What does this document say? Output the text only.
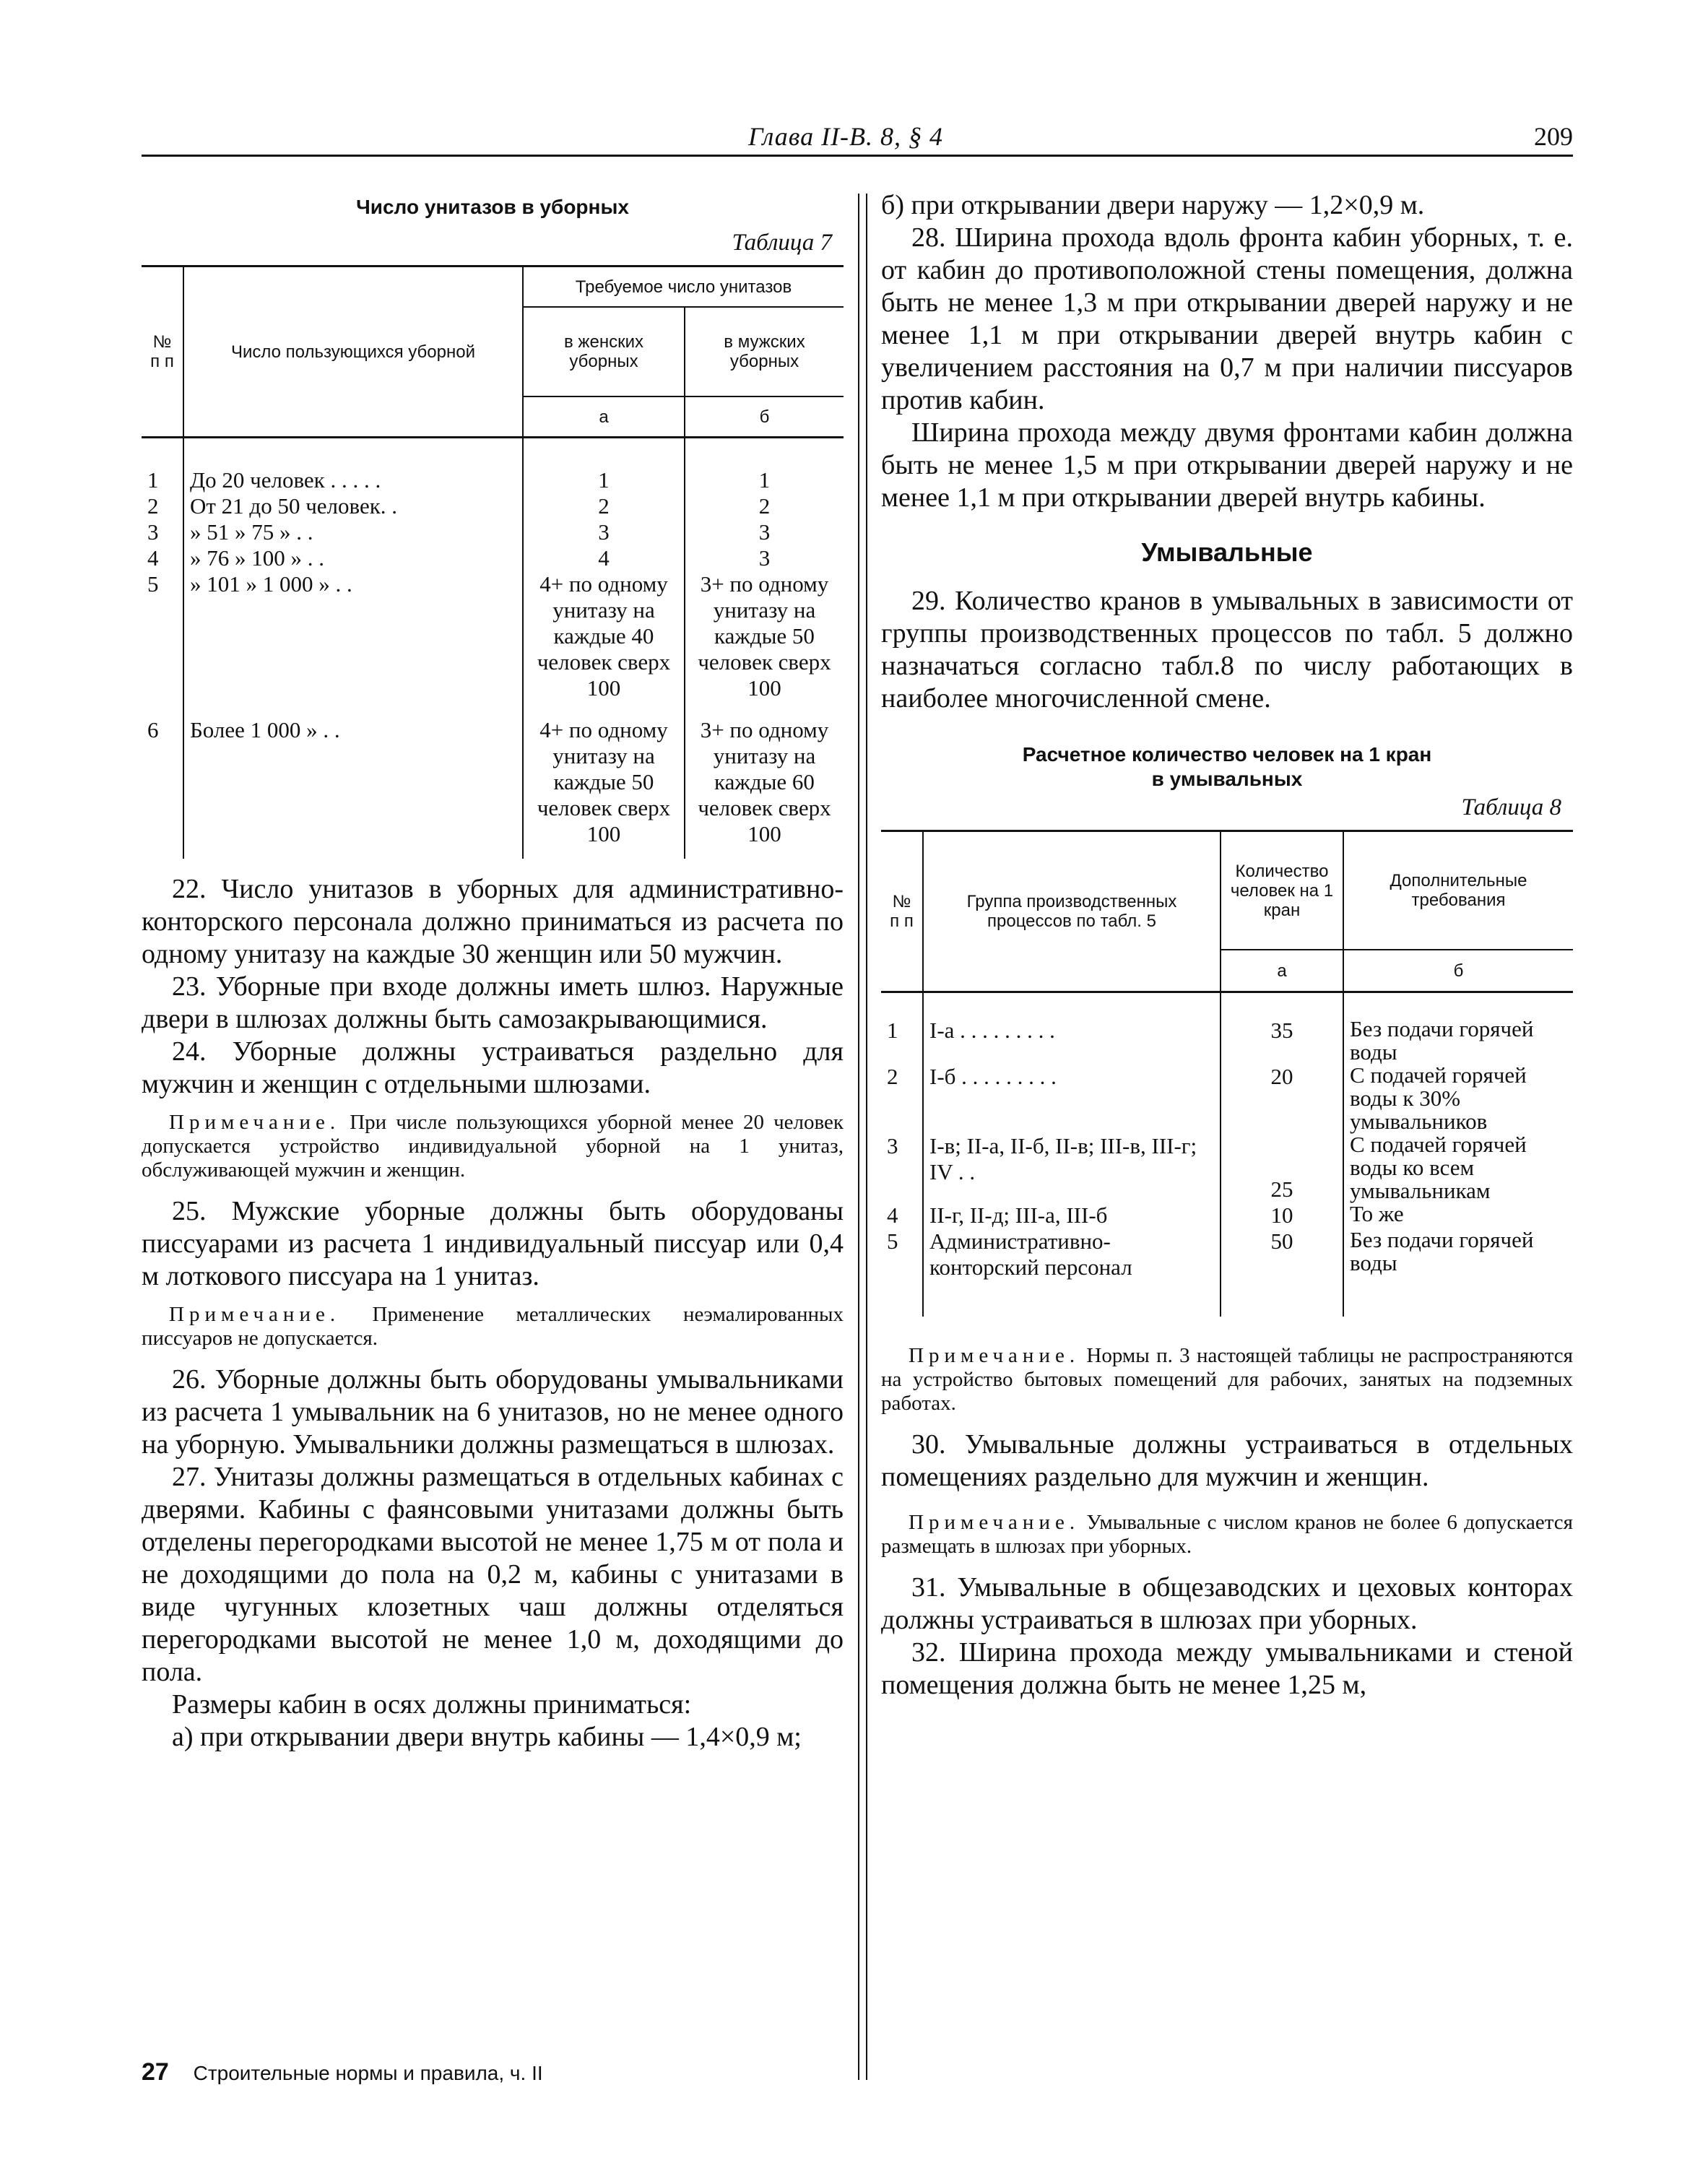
Глава II-В. 8, § 4	209
Число унитазов в уборных
Таблица 7
№ п п	Число пользующихся уборной	Требуемое число унитазов	
		в женских уборных	в мужских уборных
		а	б

1	До 20 человек . . . . .	1	1
2	От 21 до 50 человек. .	2	2
3	» 51 » 75 » . .	3	3
4	» 76 » 100 » . .	4	3
5	» 101 » 1 000 » . .	4+ по одному унитазу на каждые 40 человек сверх 100	3+ по одному унитазу на каждые 50 человек сверх 100

6	Более 1 000 » . .	4+ по одному унитазу на каждые 50 человек сверх 100	3+ по одному унитазу на каждые 60 человек сверх 100

22. Число унитазов в уборных для административно-конторского персонала должно приниматься из расчета по одному унитазу на каждые 30 женщин или 50 мужчин.

23. Уборные при входе должны иметь шлюз. Наружные двери в шлюзах должны быть самозакрывающимися.

24. Уборные должны устраиваться раздельно для мужчин и женщин с отдельными шлюзами.

Примечание. При числе пользующихся уборной менее 20 человек допускается устройство индивидуальной уборной на 1 унитаз, обслуживающей мужчин и женщин.

25. Мужские уборные должны быть оборудованы писсуарами из расчета 1 индивидуальный писсуар или 0,4 м лоткового писсуара на 1 унитаз.

Примечание. Применение металлических неэмалированных писсуаров не допускается.

26. Уборные должны быть оборудованы умывальниками из расчета 1 умывальник на 6 унитазов, но не менее одного на уборную. Умывальники должны размещаться в шлюзах.

27. Унитазы должны размещаться в отдельных кабинах с дверями. Кабины с фаянсовыми унитазами должны быть отделены перегородками высотой не менее 1,75 м от пола и не доходящими до пола на 0,2 м, кабины с унитазами в виде чугунных клозетных чаш должны отделяться перегородками высотой не менее 1,0 м, доходящими до пола.

Размеры кабин в осях должны приниматься:

а) при открывании двери внутрь кабины — 1,4×0,9 м;

б) при открывании двери наружу — 1,2×0,9 м.

28. Ширина прохода вдоль фронта кабин уборных, т. е. от кабин до противоположной стены помещения, должна быть не менее 1,3 м при открывании дверей наружу и не менее 1,1 м при открывании дверей внутрь кабин с увеличением расстояния на 0,7 м при наличии писсуаров против кабин.

Ширина прохода между двумя фронтами кабин должна быть не менее 1,5 м при открывании дверей наружу и не менее 1,1 м при открывании дверей внутрь кабины.

Умывальные

29. Количество кранов в умывальных в зависимости от группы производственных процессов по табл. 5 должно назначаться согласно табл.8 по числу работающих в наиболее многочисленной смене.

Расчетное количество человек на 1 кран
в умывальных
Таблица 8
№ п п	Группа производственных процессов по табл. 5	Количество человек на 1 кран	Дополнительные требования
		а	б

1	I-а . . . . . . . . .	35	Без подачи горячей воды
2	I-б . . . . . . . . .	20	С подачей горячей воды к 30% умывальников
3	I-в; II-а, II-б, II-в; III-в, III-г; IV . .	25	С подачей горячей воды ко всем умывальникам
4	II-г, II-д; III-а, III-б	10	То же
5	Административно-конторский персонал	50	Без подачи горячей воды

Примечание. Нормы п. 3 настоящей таблицы не распространяются на устройство бытовых помещений для рабочих, занятых на подземных работах.

30. Умывальные должны устраиваться в отдельных помещениях раздельно для мужчин и женщин.

Примечание. Умывальные с числом кранов не более 6 допускается размещать в шлюзах при уборных.

31. Умывальные в общезаводских и цеховых конторах должны устраиваться в шлюзах при уборных.

32. Ширина прохода между умывальниками и стеной помещения должна быть не менее 1,25 м,

27 Строительные нормы и правила, ч. II
